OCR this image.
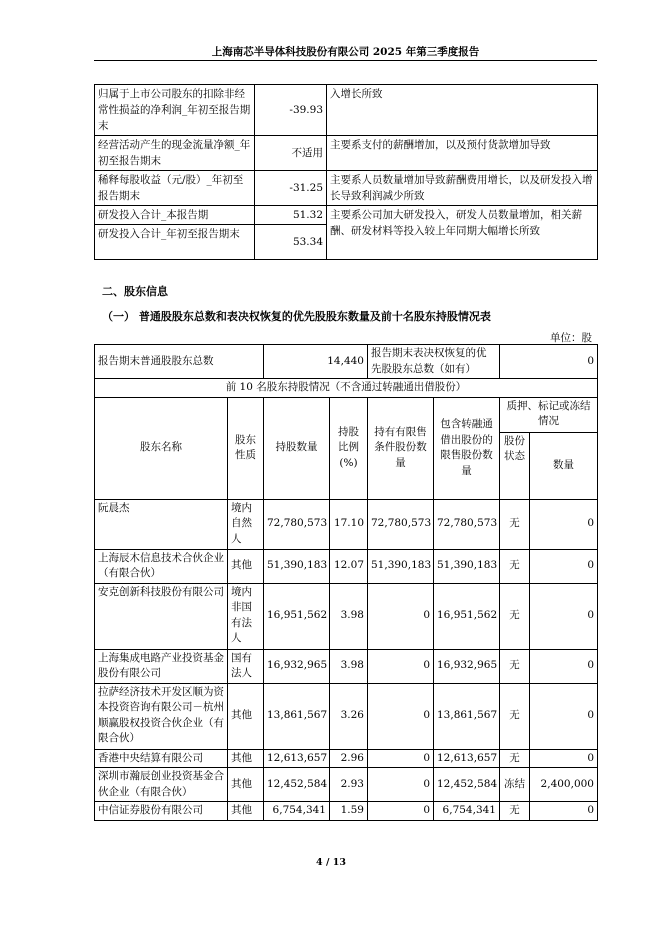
上海南芯半导体科技股份有限公司 2025 年第三季度报告
归属于上市公司股东的扣除非经常性损益的净利润_年初至报告期末	-39.93	入增长所致
经营活动产生的现金流量净额_年初至报告期末	不适用	主要系支付的薪酬增加，以及预付货款增加导致
稀释每股收益（元/股）_年初至报告期末	-31.25	主要系人员数量增加导致薪酬费用增长，以及研发投入增长导致利润减少所致
研发投入合计_本报告期	51.32	主要系公司加大研发投入，研发人员数量增加，相关薪酬、研发材料等投入较上年同期大幅增长所致
研发投入合计_年初至报告期末	53.34	
二、股东信息
（一） 普通股股东总数和表决权恢复的优先股股东数量及前十名股东持股情况表
单位：股
报告期末普通股股东总数		14,440		报告期末表决权恢复的优先股股东总数（如有）		0	
前 10 名股东持股情况（不含通过转融通出借股份）							
股东名称	股东性质	持股数量	持股比例(%)	持有有限售条件股份数量	包含转融通借出股份的限售股份数量	质押、标记或冻结情况	
						股份状态	数量
阮晨杰	境内自然人	72,780,573	17.10	72,780,573	72,780,573	无	0
上海辰木信息技术合伙企业（有限合伙）	其他	51,390,183	12.07	51,390,183	51,390,183	无	0
安克创新科技股份有限公司	境内非国有法人	16,951,562	3.98	0	16,951,562	无	0
上海集成电路产业投资基金股份有限公司	国有法人	16,932,965	3.98	0	16,932,965	无	0
拉萨经济技术开发区顺为资本投资咨询有限公司－杭州顺赢股权投资合伙企业（有限合伙）	其他	13,861,567	3.26	0	13,861,567	无	0
香港中央结算有限公司	其他	12,613,657	2.96	0	12,613,657	无	0
深圳市瀚辰创业投资基金合伙企业（有限合伙）	其他	12,452,584	2.93	0	12,452,584	冻结	2,400,000
中信证券股份有限公司	其他	6,754,341	1.59	0	6,754,341	无	0
4 / 13
